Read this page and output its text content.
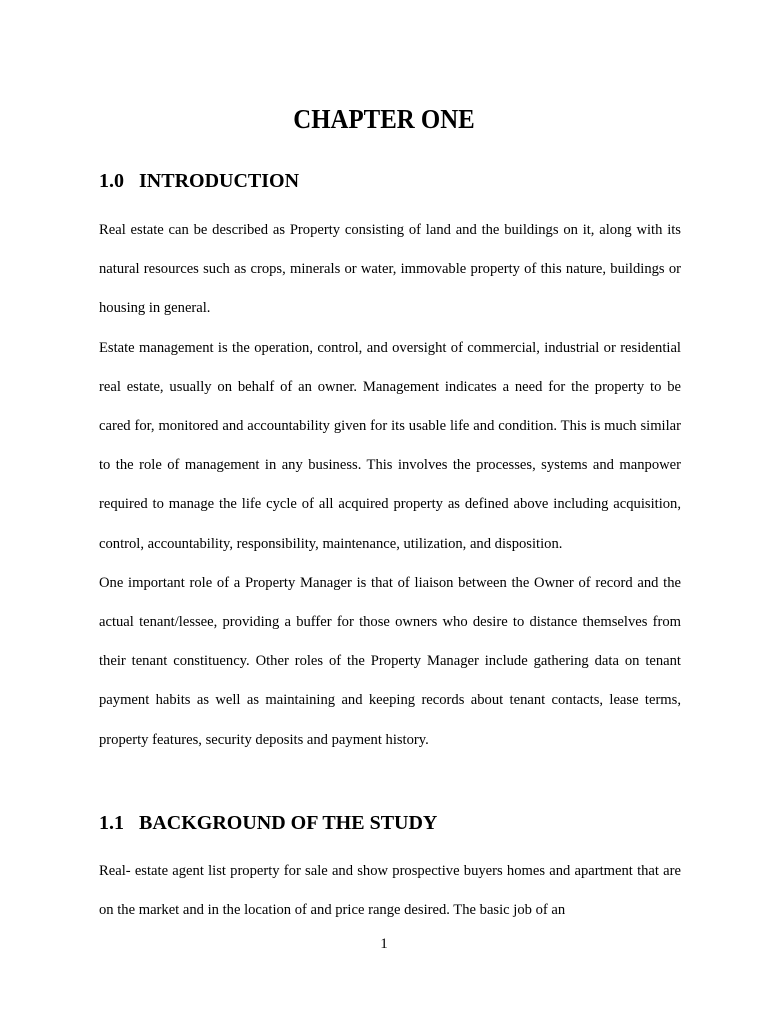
CHAPTER ONE
1.0 INTRODUCTION

Real estate can be described as Property consisting of land and the buildings on it, along with its natural resources such as crops, minerals or water, immovable property of this nature, buildings or housing in general.

Estate management is the operation, control, and oversight of commercial, industrial or residential real estate, usually on behalf of an owner. Management indicates a need for the property to be cared for, monitored and accountability given for its usable life and condition. This is much similar to the role of management in any business. This involves the processes, systems and manpower required to manage the life cycle of all acquired property as defined above including acquisition, control, accountability, responsibility, maintenance, utilization, and disposition.

One important role of a Property Manager is that of liaison between the Owner of record and the actual tenant/lessee, providing a buffer for those owners who desire to distance themselves from their tenant constituency. Other roles of the Property Manager include gathering data on tenant payment habits as well as maintaining and keeping records about tenant contacts, lease terms, property features, security deposits and payment history.

1.1 BACKGROUND OF THE STUDY

Real- estate agent list property for sale and show prospective buyers homes and apartment that are on the market and in the location of and price range desired. The basic job of an

1
